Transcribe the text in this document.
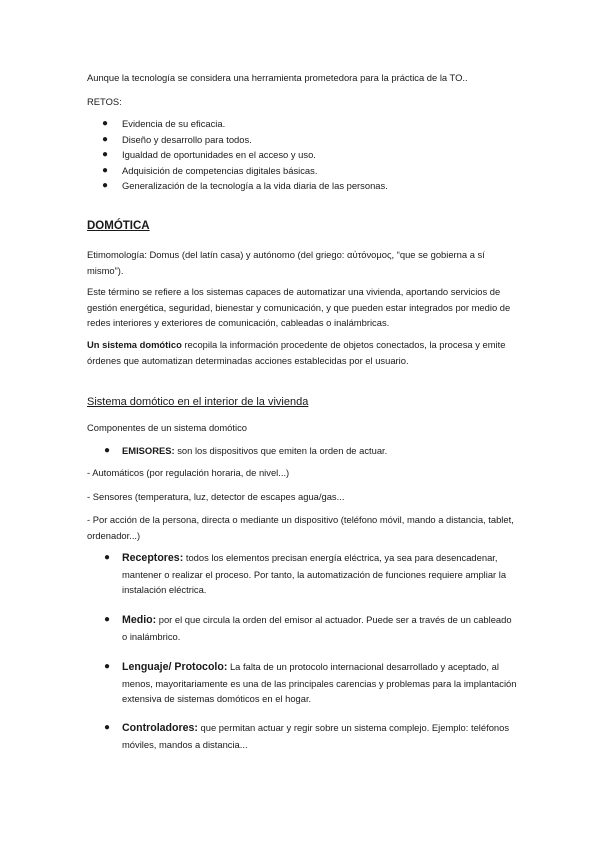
Aunque la tecnología se considera una herramienta prometedora para la práctica de la TO..

RETOS:

● Evidencia de su eficacia.
● Diseño y desarrollo para todos.
● Igualdad de oportunidades en el acceso y uso.
● Adquisición de competencias digitales básicas.
● Generalización de la tecnología a la vida diaria de las personas.
DOMÓTICA

Etimomología: Domus (del latín casa) y autónomo (del griego: αὐτόνομος, “que se gobierna a sí mismo”).

Este término se refiere a los sistemas capaces de automatizar una vivienda, aportando servicios de gestión energética, seguridad, bienestar y comunicación, y que pueden estar integrados por medio de redes interiores y exteriores de comunicación, cableadas o inalámbricas.

Un sistema domótico recopila la información procedente de objetos conectados, la procesa y emite órdenes que automatizan determinadas acciones establecidas por el usuario.

Sistema domótico en el interior de la vivienda

Componentes de un sistema domótico

●	EMISORES: son los dispositivos que emiten la orden de actuar.

- Automáticos (por regulación horaria, de nivel...)

- Sensores (temperatura, luz, detector de escapes agua/gas...

- Por acción de la persona, directa o mediante un dispositivo (teléfono móvil, mando a distancia, tablet, ordenador...)

●	Receptores: todos los elementos precisan energía eléctrica, ya sea para desencadenar, mantener o realizar el proceso. Por tanto, la automatización de funciones requiere ampliar la instalación eléctrica.
●	Medio: por el que circula la orden del emisor al actuador. Puede ser a través de un cableado o inalámbrico.
●	Lenguaje/ Protocolo: La falta de un protocolo internacional desarrollado y aceptado, al menos, mayoritariamente es una de las principales carencias y problemas para la implantación extensiva de sistemas domóticos en el hogar.
●	Controladores: que permitan actuar y regir sobre un sistema complejo. Ejemplo: teléfonos móviles, mandos a distancia...
